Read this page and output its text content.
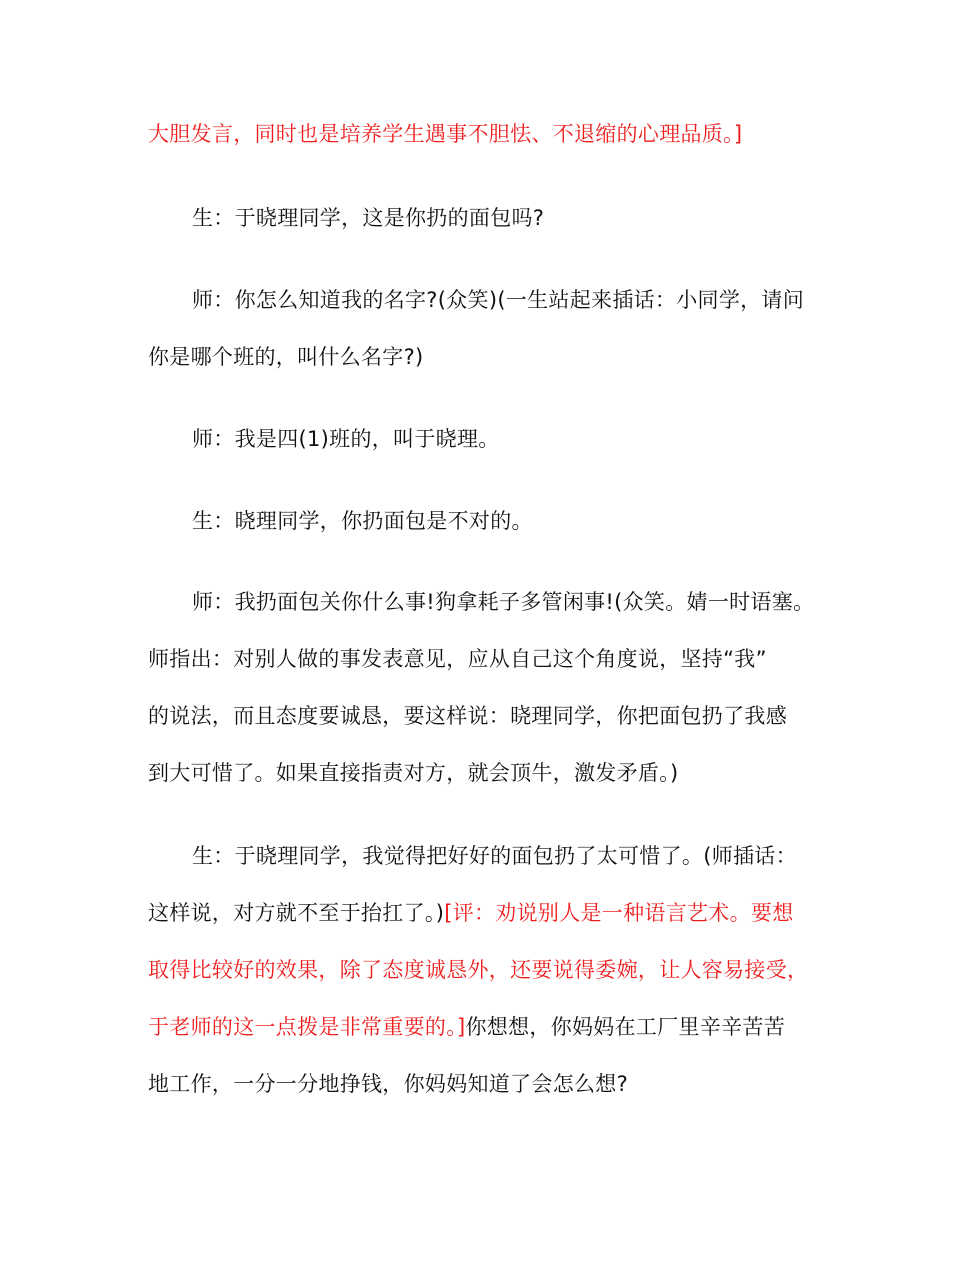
大胆发言，同时也是培养学生遇事不胆怯、不退缩的心理品质。]

生：于晓理同学，这是你扔的面包吗?

师：你怎么知道我的名字?(众笑)(一生站起来插话：小同学，请问

你是哪个班的，叫什么名字?)

师：我是四(1)班的，叫于晓理。

生：晓理同学，你扔面包是不对的。

师：我扔面包关你什么事!狗拿耗子多管闲事!(众笑。婧一时语塞。

师指出：对别人做的事发表意见，应从自己这个角度说，坚持“我”

的说法，而且态度要诚恳，要这样说：晓理同学，你把面包扔了我感

到大可惜了。如果直接指责对方，就会顶牛，激发矛盾。)

生：于晓理同学，我觉得把好好的面包扔了太可惜了。(师插话：

这样说，对方就不至于抬扛了。)[评：劝说别人是一种语言艺术。要想

取得比较好的效果，除了态度诚恳外，还要说得委婉，让人容易接受，

于老师的这一点拨是非常重要的。]你想想，你妈妈在工厂里辛辛苦苦

地工作，一分一分地挣钱，你妈妈知道了会怎么想?
